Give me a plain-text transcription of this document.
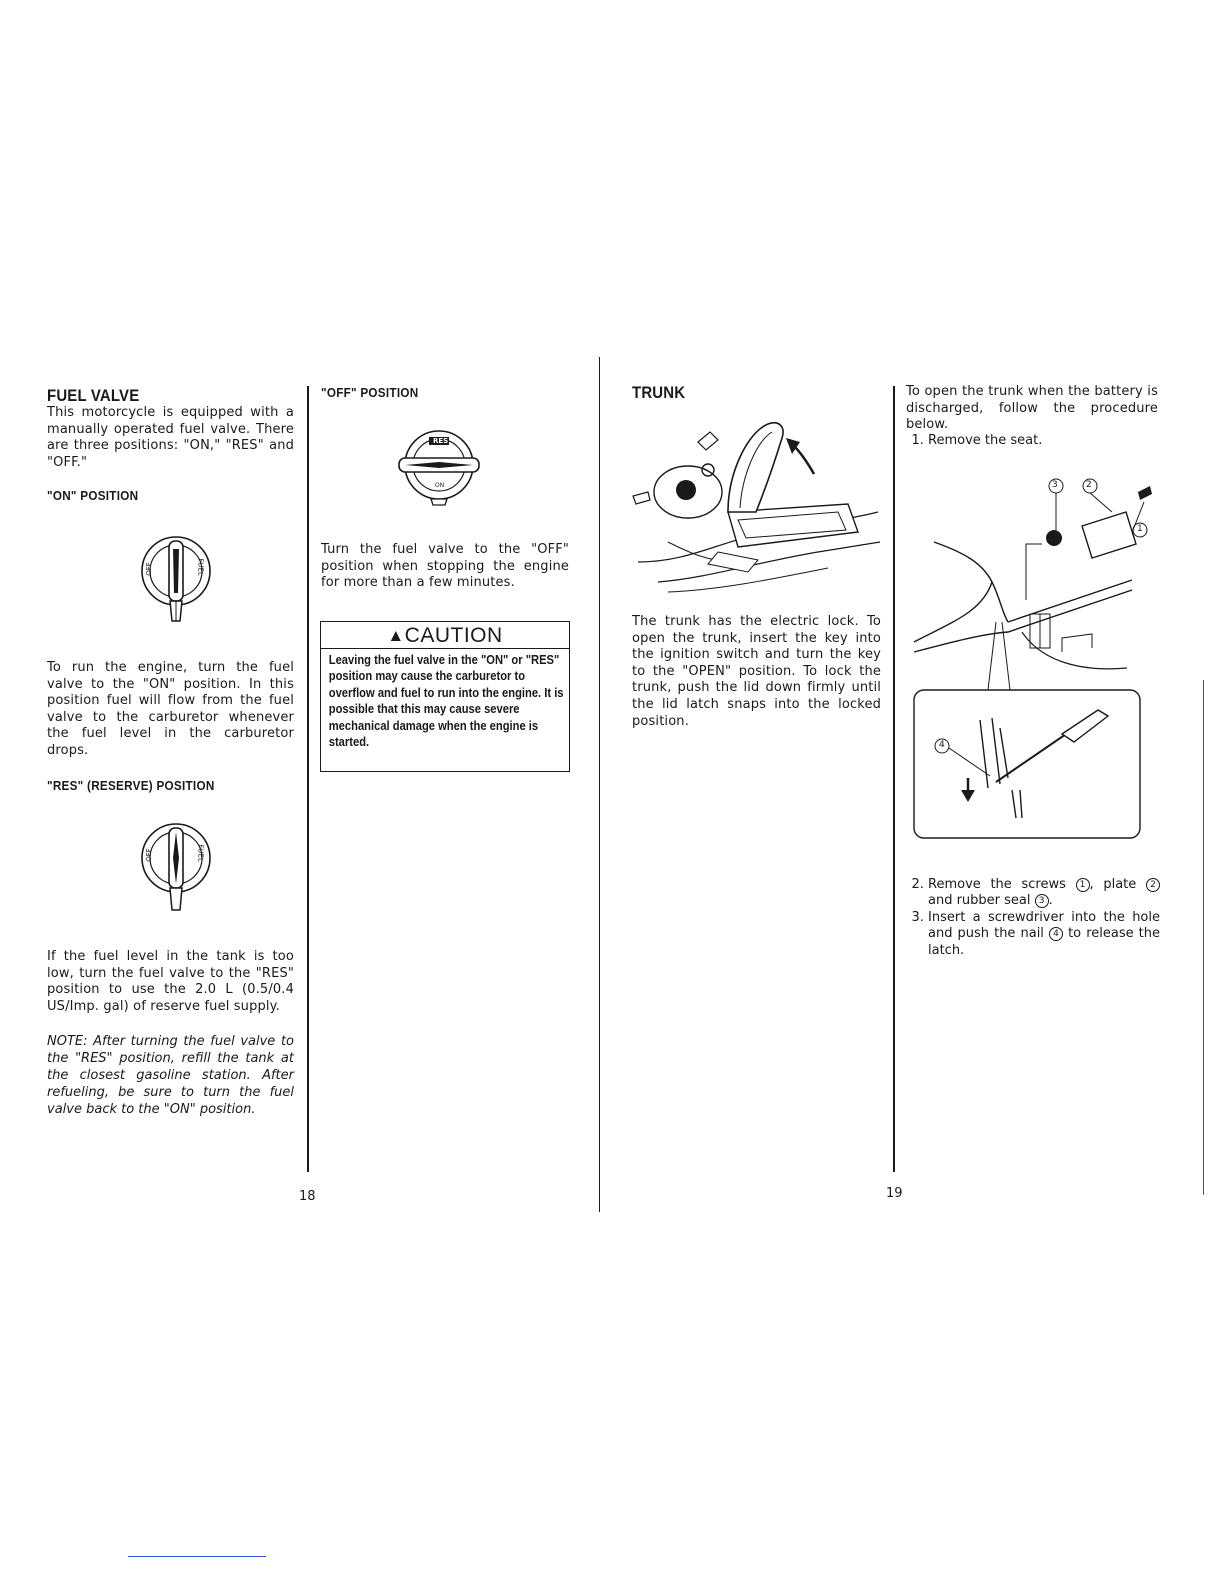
FUEL VALVE
This motorcycle is equipped with a manually operated fuel valve. There are three positions: "ON," "RES" and "OFF."
"ON" POSITION
OFF	FUEL
To run the engine, turn the fuel valve to the "ON" position. In this position fuel will flow from the fuel valve to the carburetor whenever the fuel level in the carburetor drops.
"RES" (RESERVE) POSITION
OFF	FUEL
If the fuel level in the tank is too low, turn the fuel valve to the "RES" position to use the 2.0 L (0.5/0.4 US/Imp. gal) of reserve fuel supply.
NOTE: After turning the fuel valve to the "RES" position, refill the tank at the closest gasoline station. After refueling, be sure to turn the fuel valve back to the "ON" position.
"OFF" POSITION
RES
ON
Turn the fuel valve to the "OFF" position when stopping the engine for more than a few minutes.
▲CAUTION
Leaving the fuel valve in the "ON" or "RES" position may cause the carburetor to overflow and fuel to run into the engine. It is possible that this may cause severe mechanical damage when the engine is started.
18
TRUNK
The trunk has the electric lock. To open the trunk, insert the key into the ignition switch and turn the key to the "OPEN" position. To lock the trunk, push the lid down firmly until the lid latch snaps into the locked position.
To open the trunk when the battery is discharged, follow the procedure below.
1. Remove the seat.
3	2
1
4
2. Remove the screws 1 , plate 2 and rubber seal 3 .
3. Insert a screwdriver into the hole and push the nail 4 to release the latch.
19
